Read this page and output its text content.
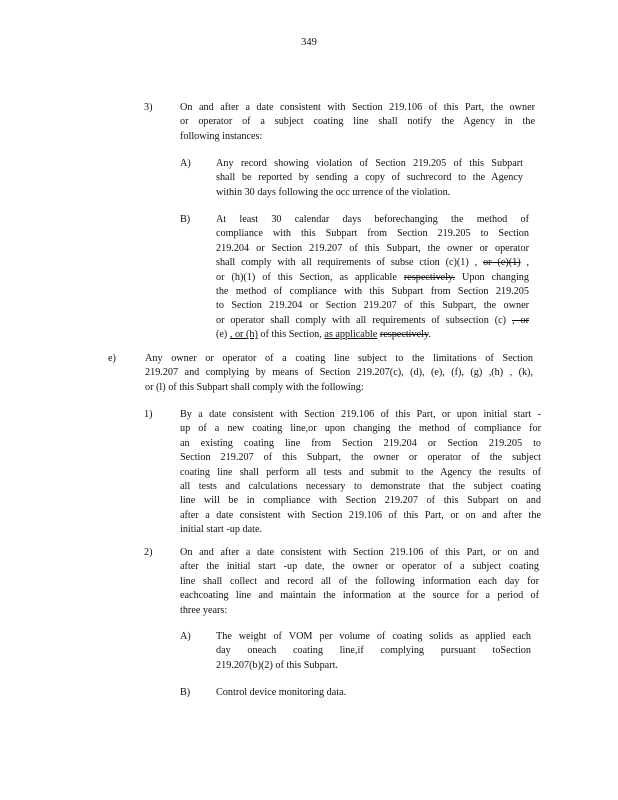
349
3)	On and after a date consistent with Section 219.106 of this Part, the owner
or operator of a subject coating line shall notify the Agency in the
following instances:
A) Any record showing violation of Section 219.205 of this Subpart
shall be reported by sending a copy of suchrecord to the Agency
within 30 days following the occ urrence of the violation.
B)	At least 30 calendar days beforechanging the method of
compliance with this Subpart from Section 219.205 to Section
219.204 or Section 219.207 of this Subpart, the owner or operator
shall comply with all requirements of subse ction (c)(1) , or (e)(1) ,
or (h)(1) of this Section, as applicable respectively. Upon changing
the method of compliance with this Subpart from Section 219.205
to Section 219.204 or Section 219.207 of this Subpart, the owner
or operator shall comply with all requirements of subsection (c) , or
(e) , or (h) of this Section, as applicable respectively.
e)	Any owner or operator of a coating line subject to the limitations of Section
219.207 and complying by means of Section 219.207(c), (d), (e), (f), (g) ,(h) , (k),
or (l) of this Subpart shall comply with the following:
1)	By a date consistent with Section 219.106 of this Part, or upon initial start -
up of a new coating line,or upon changing the method of compliance for
an existing coating line from Section 219.204 or Section 219.205 to
Section 219.207 of this Subpart, the owner or operator of the subject
coating line shall perform all tests and submit to the Agency the results of
all tests and calculations necessary to demonstrate that the subject coating
line will be in compliance with Section 219.207 of this Subpart on and
after a date consistent with Section 219.106 of this Part, or on and after the
initial start -up date.
2)	On and after a date consistent with Section 219.106 of this Part, or on and
after the initial start -up date, the owner or operator of a subject coating
line shall collect and record all of the following information each day for
eachcoating line and maintain the information at the source for a period of
three years:
A) The weight of VOM per volume of coating solids as applied each
day oneach coating line,if complying pursuant toSection
219.207(b)(2) of this Subpart.
B)	Control device monitoring data.
